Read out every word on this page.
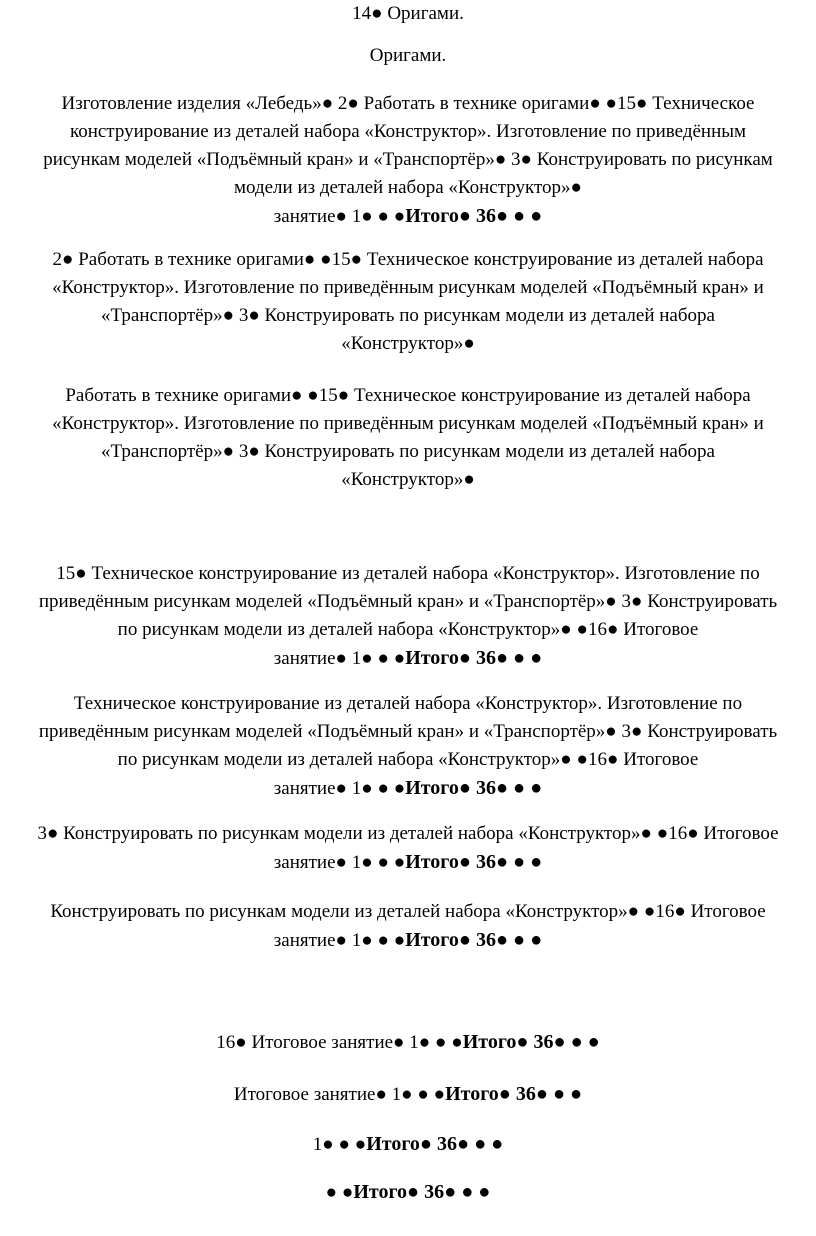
14● Оригами.
Оригами.
Изготовление изделия «Лебедь»● 2● Работать в технике оригами● ●15● Техническое
конструирование из деталей набора «Конструктор». Изготовление по приведённым
рисункам моделей «Подъёмный кран» и «Транспортёр»● 3● Конструировать по рисункам
модели из деталей набора «Конструктор»●
занятие● 1● ● ●Итого● 36● ● ●
2● Работать в технике оригами● ●15● Техническое конструирование из деталей набора
«Конструктор». Изготовление по приведённым рисункам моделей «Подъёмный кран» и
«Транспортёр»● 3● Конструировать по рисункам модели из деталей набора
«Конструктор»●
Работать в технике оригами● ●15● Техническое конструирование из деталей набора
«Конструктор». Изготовление по приведённым рисункам моделей «Подъёмный кран» и
«Транспортёр»● 3● Конструировать по рисункам модели из деталей набора
«Конструктор»●
15● Техническое конструирование из деталей набора «Конструктор». Изготовление по
приведённым рисункам моделей «Подъёмный кран» и «Транспортёр»● 3● Конструировать
по рисункам модели из деталей набора «Конструктор»● ●16● Итоговое
занятие● 1● ● ●Итого● 36● ● ●
Техническое конструирование из деталей набора «Конструктор». Изготовление по
приведённым рисункам моделей «Подъёмный кран» и «Транспортёр»● 3● Конструировать
по рисункам модели из деталей набора «Конструктор»● ●16● Итоговое
занятие● 1● ● ●Итого● 36● ● ●
3● Конструировать по рисункам модели из деталей набора «Конструктор»● ●16● Итоговое
занятие● 1● ● ●Итого● 36● ● ●
Конструировать по рисункам модели из деталей набора «Конструктор»● ●16● Итоговое
занятие● 1● ● ●Итого● 36● ● ●
16● Итоговое занятие● 1● ● ●Итого● 36● ● ●
Итоговое занятие● 1● ● ●Итого● 36● ● ●
1● ● ●Итого● 36● ● ●
● ●Итого● 36● ● ●
